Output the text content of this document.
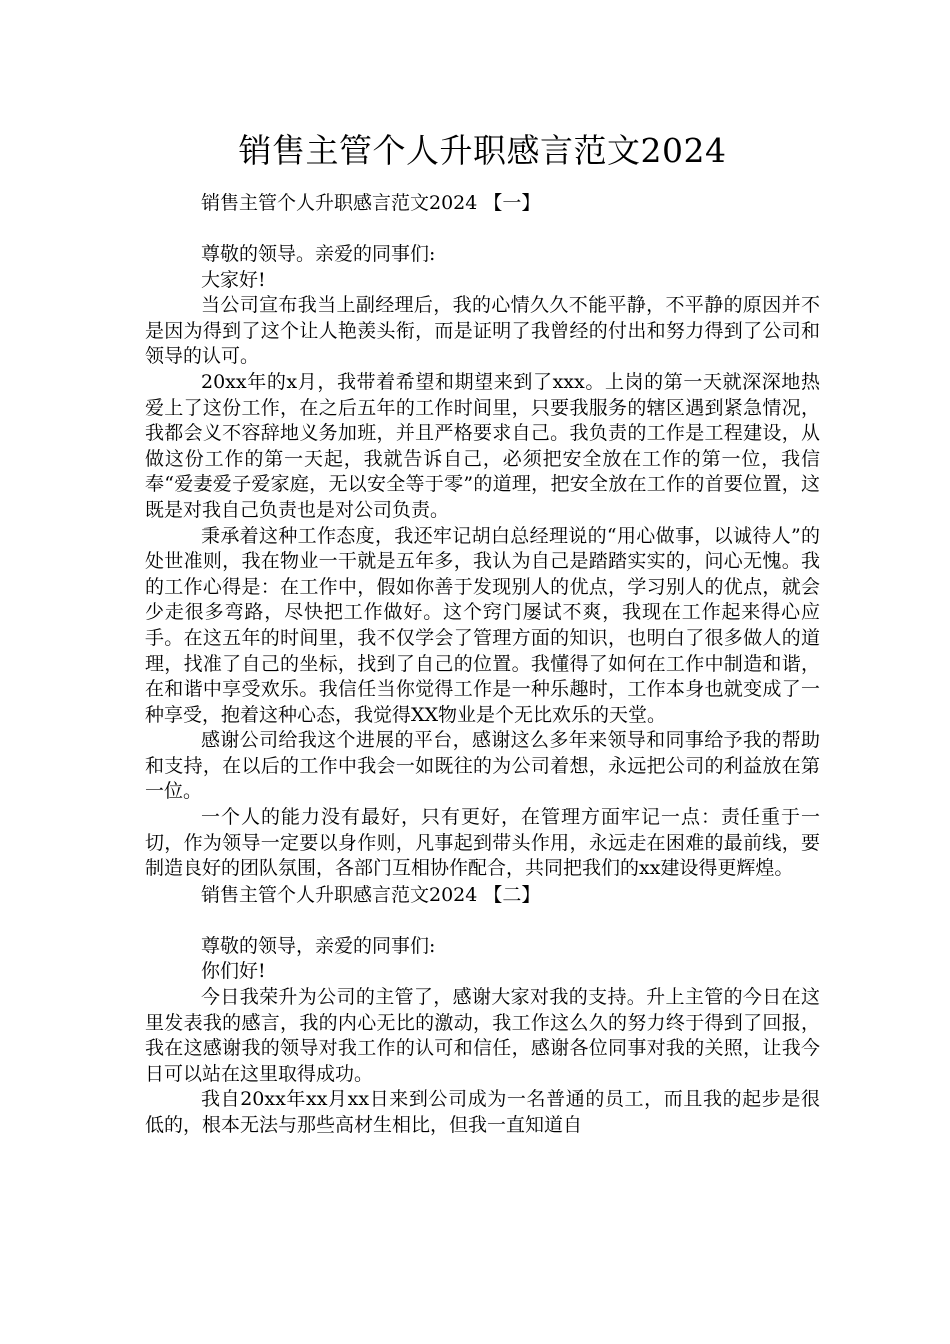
销售主管个人升职感言范文2024

销售主管个人升职感言范文2024 【一】

尊敬的领导。亲爱的同事们:

大家好!

当公司宣布我当上副经理后，我的心情久久不能平静，不平静的原因并不是因为得到了这个让人艳羡头衔，而是证明了我曾经的付出和努力得到了公司和领导的认可。

20xx年的x月，我带着希望和期望来到了xxx。上岗的第一天就深深地热爱上了这份工作，在之后五年的工作时间里，只要我服务的辖区遇到紧急情况，我都会义不容辞地义务加班，并且严格要求自己。我负责的工作是工程建设，从做这份工作的第一天起，我就告诉自己，必须把安全放在工作的第一位，我信奉“爱妻爱子爱家庭，无以安全等于零”的道理，把安全放在工作的首要位置，这既是对我自己负责也是对公司负责。

秉承着这种工作态度，我还牢记胡白总经理说的“用心做事，以诚待人”的处世准则，我在物业一干就是五年多，我认为自己是踏踏实实的，问心无愧。我的工作心得是：在工作中，假如你善于发现别人的优点，学习别人的优点，就会少走很多弯路，尽快把工作做好。这个窍门屡试不爽，我现在工作起来得心应手。在这五年的时间里，我不仅学会了管理方面的知识，也明白了很多做人的道理，找准了自己的坐标，找到了自己的位置。我懂得了如何在工作中制造和谐，在和谐中享受欢乐。我信任当你觉得工作是一种乐趣时，工作本身也就变成了一种享受，抱着这种心态，我觉得XX物业是个无比欢乐的天堂。

感谢公司给我这个进展的平台，感谢这么多年来领导和同事给予我的帮助和支持，在以后的工作中我会一如既往的为公司着想，永远把公司的利益放在第一位。

一个人的能力没有最好，只有更好，在管理方面牢记一点：责任重于一切，作为领导一定要以身作则，凡事起到带头作用，永远走在困难的最前线，要制造良好的团队氛围，各部门互相协作配合，共同把我们的xx建设得更辉煌。

销售主管个人升职感言范文2024 【二】

尊敬的领导，亲爱的同事们:

你们好!

今日我荣升为公司的主管了，感谢大家对我的支持。升上主管的今日在这里发表我的感言，我的内心无比的激动，我工作这么久的努力终于得到了回报，我在这感谢我的领导对我工作的认可和信任，感谢各位同事对我的关照，让我今日可以站在这里取得成功。

我自20xx年xx月xx日来到公司成为一名普通的员工，而且我的起步是很低的，根本无法与那些高材生相比，但我一直知道自
